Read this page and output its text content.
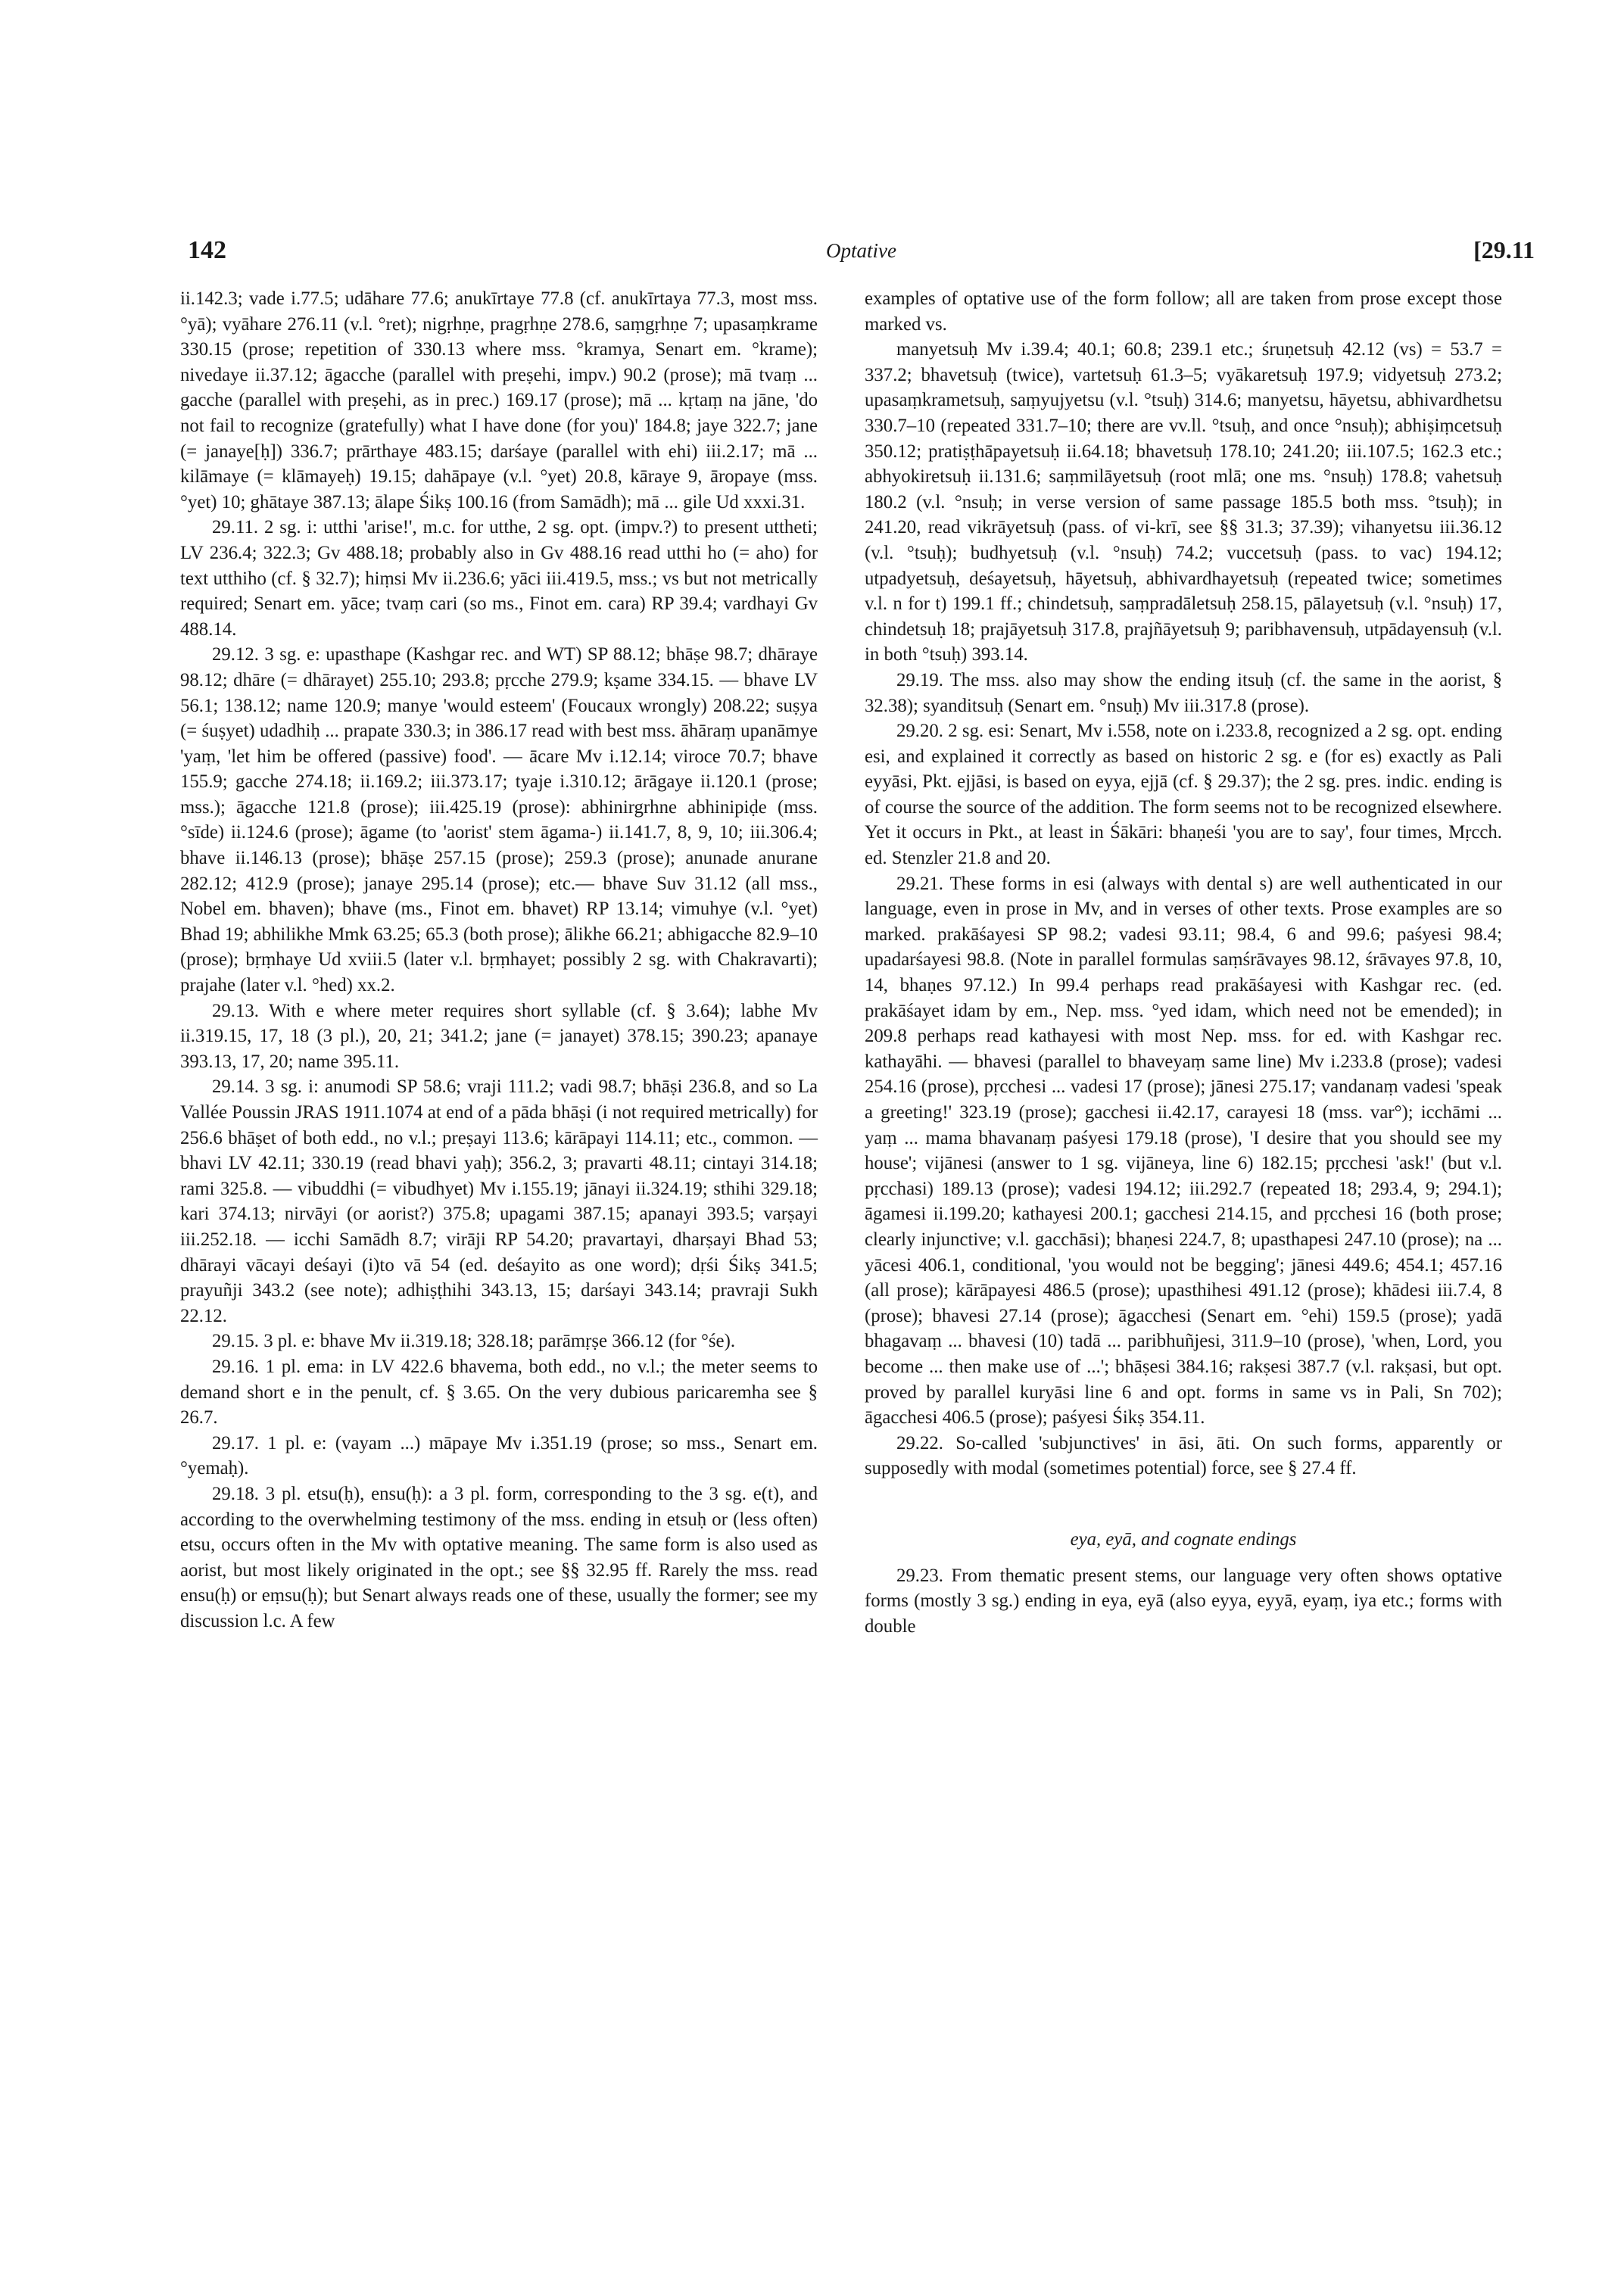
142	Optative	[29.11

ii.142.3; vade i.77.5; udāhare 77.6; anukīrtaye 77.8 (cf. anukīrtaya 77.3, most mss. °yā); vyāhare 276.11 (v.l. °ret); nigṛhṇe, pragṛhṇe 278.6, saṃgṛhṇe 7; upasaṃkrame 330.15 (prose; repetition of 330.13 where mss. °kramya, Senart em. °krame); nivedaye ii.37.12; āgacche (parallel with preṣehi, impv.) 90.2 (prose); mā tvaṃ ... gacche (parallel with preṣehi, as in prec.) 169.17 (prose); mā ... kṛtaṃ na jāne, 'do not fail to recognize (gratefully) what I have done (for you)' 184.8; jaye 322.7; jane (= janaye[ḥ]) 336.7; prārthaye 483.15; darśaye (parallel with ehi) iii.2.17; mā ... kilāmaye (= klāmayeḥ) 19.15; dahāpaye (v.l. °yet) 20.8, kāraye 9, āropaye (mss. °yet) 10; ghātaye 387.13; ālape Śikṣ 100.16 (from Samādh); mā ... gile Ud xxxi.31.

29.11. 2 sg. i: utthi 'arise!', m.c. for utthe, 2 sg. opt. (impv.?) to present uttheti; LV 236.4; 322.3; Gv 488.18; probably also in Gv 488.16 read utthi ho (= aho) for text utthiho (cf. § 32.7); hiṃsi Mv ii.236.6; yāci iii.419.5, mss.; vs but not metrically required; Senart em. yāce; tvaṃ cari (so ms., Finot em. cara) RP 39.4; vardhayi Gv 488.14.

29.12. 3 sg. e: upasthape (Kashgar rec. and WT) SP 88.12; bhāṣe 98.7; dhāraye 98.12; dhāre (= dhārayet) 255.10; 293.8; pṛcche 279.9; kṣame 334.15. — bhave LV 56.1; 138.12; name 120.9; manye 'would esteem' (Foucaux wrongly) 208.22; suṣya (= śuṣyet) udadhiḥ ... prapate 330.3; in 386.17 read with best mss. āhāraṃ upanāmye 'yaṃ, 'let him be offered (passive) food'. — ācare Mv i.12.14; viroce 70.7; bhave 155.9; gacche 274.18; ii.169.2; iii.373.17; tyaje i.310.12; ārāgaye ii.120.1 (prose; mss.); āgacche 121.8 (prose); iii.425.19 (prose): abhinirgrhne abhinipiḍe (mss. °sīde) ii.124.6 (prose); āgame (to 'aorist' stem āgama-) ii.141.7, 8, 9, 10; iii.306.4; bhave ii.146.13 (prose); bhāṣe 257.15 (prose); 259.3 (prose); anunade anurane 282.12; 412.9 (prose); janaye 295.14 (prose); etc.— bhave Suv 31.12 (all mss., Nobel em. bhaven); bhave (ms., Finot em. bhavet) RP 13.14; vimuhye (v.l. °yet) Bhad 19; abhilikhe Mmk 63.25; 65.3 (both prose); ālikhe 66.21; abhigacche 82.9–10 (prose); bṛṃhaye Ud xviii.5 (later v.l. bṛṃhayet; possibly 2 sg. with Chakravarti); prajahe (later v.l. °hed) xx.2.

29.13. With e where meter requires short syllable (cf. § 3.64); labhe Mv ii.319.15, 17, 18 (3 pl.), 20, 21; 341.2; jane (= janayet) 378.15; 390.23; apanaye 393.13, 17, 20; name 395.11.

29.14. 3 sg. i: anumodi SP 58.6; vraji 111.2; vadi 98.7; bhāṣi 236.8, and so La Vallée Poussin JRAS 1911.1074 at end of a pāda bhāṣi (i not required metrically) for 256.6 bhāṣet of both edd., no v.l.; preṣayi 113.6; kārāpayi 114.11; etc., common. — bhavi LV 42.11; 330.19 (read bhavi yaḥ); 356.2, 3; pravarti 48.11; cintayi 314.18; rami 325.8. — vibuddhi (= vibudhyet) Mv i.155.19; jānayi ii.324.19; sthihi 329.18; kari 374.13; nirvāyi (or aorist?) 375.8; upagami 387.15; apanayi 393.5; varṣayi iii.252.18. — icchi Samādh 8.7; virāji RP 54.20; pravartayi, dharṣayi Bhad 53; dhārayi vācayi deśayi (i)to vā 54 (ed. deśayito as one word); dṛśi Śikṣ 341.5; prayuñji 343.2 (see note); adhiṣṭhihi 343.13, 15; darśayi 343.14; pravraji Sukh 22.12.

29.15. 3 pl. e: bhave Mv ii.319.18; 328.18; parāmṛṣe 366.12 (for °śe).

29.16. 1 pl. ema: in LV 422.6 bhavema, both edd., no v.l.; the meter seems to demand short e in the penult, cf. § 3.65. On the very dubious paricaremha see § 26.7.

29.17. 1 pl. e: (vayam ...) māpaye Mv i.351.19 (prose; so mss., Senart em. °yemaḥ).

29.18. 3 pl. etsu(ḥ), ensu(ḥ): a 3 pl. form, corresponding to the 3 sg. e(t), and according to the overwhelming testimony of the mss. ending in etsuḥ or (less often) etsu, occurs often in the Mv with optative meaning. The same form is also used as aorist, but most likely originated in the opt.; see §§ 32.95 ff. Rarely the mss. read ensu(ḥ) or eṃsu(ḥ); but Senart always reads one of these, usually the former; see my discussion l.c. A few

examples of optative use of the form follow; all are taken from prose except those marked vs.

manyetsuḥ Mv i.39.4; 40.1; 60.8; 239.1 etc.; śruṇetsuḥ 42.12 (vs) = 53.7 = 337.2; bhavetsuḥ (twice), vartetsuḥ 61.3–5; vyākaretsuḥ 197.9; vidyetsuḥ 273.2; upasaṃkrametsuḥ, saṃyujyetsu (v.l. °tsuḥ) 314.6; manyetsu, hāyetsu, abhivardhetsu 330.7–10 (repeated 331.7–10; there are vv.ll. °tsuḥ, and once °nsuḥ); abhiṣiṃcetsuḥ 350.12; pratiṣṭhāpayetsuḥ ii.64.18; bhavetsuḥ 178.10; 241.20; iii.107.5; 162.3 etc.; abhyokiretsuḥ ii.131.6; saṃmilāyetsuḥ (root mlā; one ms. °nsuḥ) 178.8; vahetsuḥ 180.2 (v.l. °nsuḥ; in verse version of same passage 185.5 both mss. °tsuḥ); in 241.20, read vikrāyetsuḥ (pass. of vi-krī, see §§ 31.3; 37.39); vihanyetsu iii.36.12 (v.l. °tsuḥ); budhyetsuḥ (v.l. °nsuḥ) 74.2; vuccetsuḥ (pass. to vac) 194.12; utpadyetsuḥ, deśayetsuḥ, hāyetsuḥ, abhivardhayetsuḥ (repeated twice; sometimes v.l. n for t) 199.1 ff.; chindetsuḥ, saṃpradāletsuḥ 258.15, pālayetsuḥ (v.l. °nsuḥ) 17, chindetsuḥ 18; prajāyetsuḥ 317.8, prajñāyetsuḥ 9; paribhavensuḥ, utpādayensuḥ (v.l. in both °tsuḥ) 393.14.

29.19. The mss. also may show the ending itsuḥ (cf. the same in the aorist, § 32.38); syanditsuḥ (Senart em. °nsuḥ) Mv iii.317.8 (prose).

29.20. 2 sg. esi: Senart, Mv i.558, note on i.233.8, recognized a 2 sg. opt. ending esi, and explained it correctly as based on historic 2 sg. e (for es) exactly as Pali eyyāsi, Pkt. ejjāsi, is based on eyya, ejjā (cf. § 29.37); the 2 sg. pres. indic. ending is of course the source of the addition. The form seems not to be recognized elsewhere. Yet it occurs in Pkt., at least in Śākāri: bhaṇeśi 'you are to say', four times, Mṛcch. ed. Stenzler 21.8 and 20.

29.21. These forms in esi (always with dental s) are well authenticated in our language, even in prose in Mv, and in verses of other texts. Prose examples are so marked. prakāśayesi SP 98.2; vadesi 93.11; 98.4, 6 and 99.6; paśyesi 98.4; upadarśayesi 98.8. (Note in parallel formulas saṃśrāvayes 98.12, śrāvayes 97.8, 10, 14, bhaṇes 97.12.) In 99.4 perhaps read prakāśayesi with Kashgar rec. (ed. prakāśayet idam by em., Nep. mss. °yed idam, which need not be emended); in 209.8 perhaps read kathayesi with most Nep. mss. for ed. with Kashgar rec. kathayāhi. — bhavesi (parallel to bhaveyaṃ same line) Mv i.233.8 (prose); vadesi 254.16 (prose), pṛcchesi ... vadesi 17 (prose); jānesi 275.17; vandanaṃ vadesi 'speak a greeting!' 323.19 (prose); gacchesi ii.42.17, carayesi 18 (mss. var°); icchāmi ... yaṃ ... mama bhavanaṃ paśyesi 179.18 (prose), 'I desire that you should see my house'; vijānesi (answer to 1 sg. vijāneya, line 6) 182.15; pṛcchesi 'ask!' (but v.l. pṛcchasi) 189.13 (prose); vadesi 194.12; iii.292.7 (repeated 18; 293.4, 9; 294.1); āgamesi ii.199.20; kathayesi 200.1; gacchesi 214.15, and pṛcchesi 16 (both prose; clearly injunctive; v.l. gacchāsi); bhaṇesi 224.7, 8; upasthapesi 247.10 (prose); na ... yācesi 406.1, conditional, 'you would not be begging'; jānesi 449.6; 454.1; 457.16 (all prose); kārāpayesi 486.5 (prose); upasthihesi 491.12 (prose); khādesi iii.7.4, 8 (prose); bhavesi 27.14 (prose); āgacchesi (Senart em. °ehi) 159.5 (prose); yadā bhagavaṃ ... bhavesi (10) tadā ... paribhuñjesi, 311.9–10 (prose), 'when, Lord, you become ... then make use of ...'; bhāṣesi 384.16; rakṣesi 387.7 (v.l. rakṣasi, but opt. proved by parallel kuryāsi line 6 and opt. forms in same vs in Pali, Sn 702); āgacchesi 406.5 (prose); paśyesi Śikṣ 354.11.

29.22. So-called 'subjunctives' in āsi, āti. On such forms, apparently or supposedly with modal (sometimes potential) force, see § 27.4 ff.

eya, eyā, and cognate endings

29.23. From thematic present stems, our language very often shows optative forms (mostly 3 sg.) ending in eya, eyā (also eyya, eyyā, eyaṃ, iya etc.; forms with double
